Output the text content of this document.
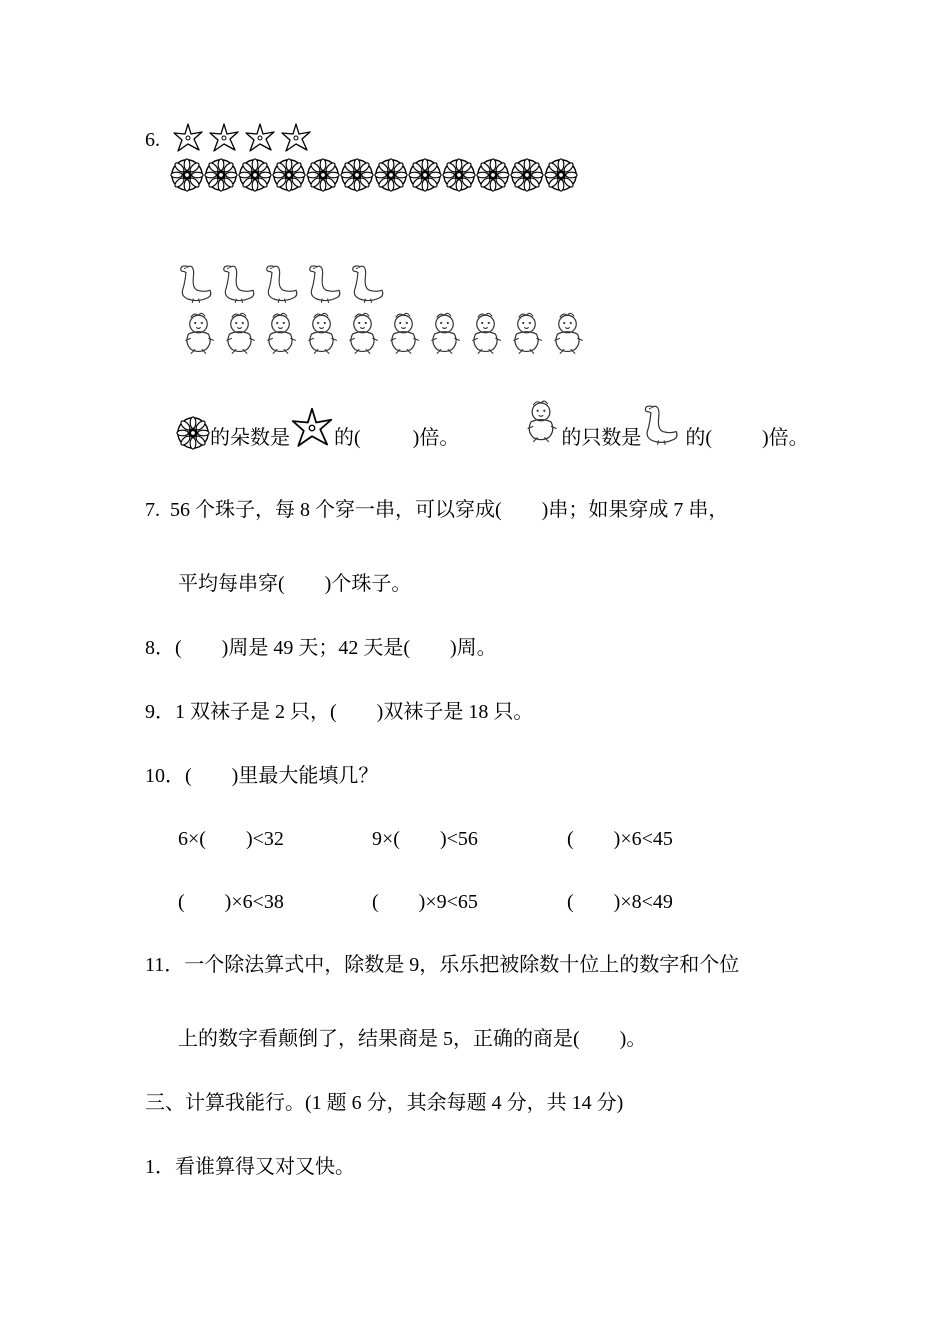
6.
的朵数是 的(	)倍。	的只数是 的(	)倍。
7.  56 个珠子，每 8 个穿一串，可以穿成(        )串；如果穿成 7 串，
平均每串穿(        )个珠子。
8．(        )周是 49 天；42 天是(        )周。
9．1 双袜子是 2 只，(        )双袜子是 18 只。
10．(        )里最大能填几？
6×(        )<32	9×(        )<56	(        )×6<45
(        )×6<38	(        )×9<65	(        )×8<49
11．一个除法算式中，除数是 9，乐乐把被除数十位上的数字和个位
上的数字看颠倒了，结果商是 5，正确的商是(        )。
三、计算我能行。(1 题 6 分，其余每题 4 分，共 14 分)
1．看谁算得又对又快。
